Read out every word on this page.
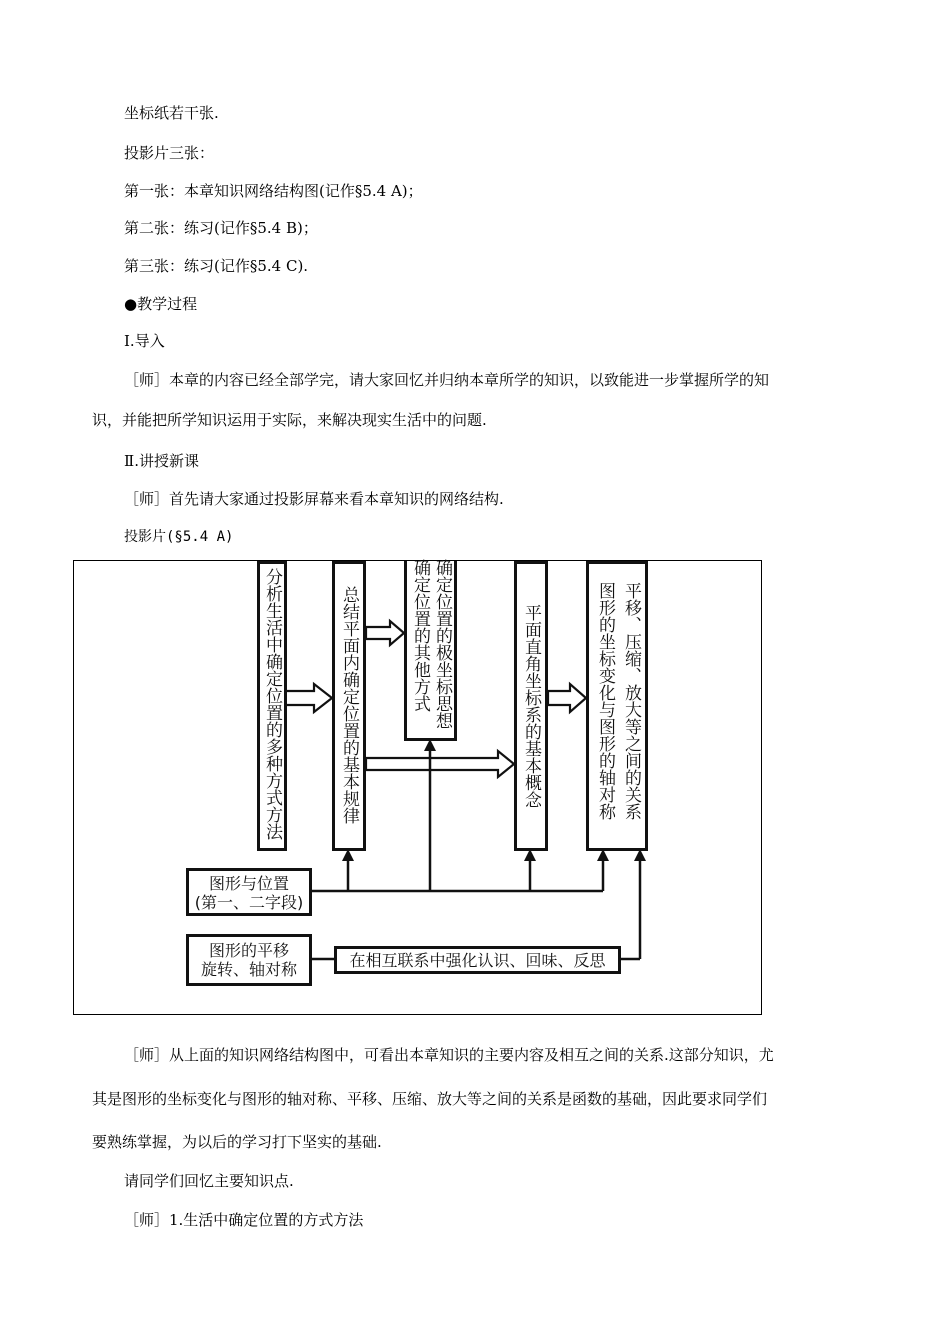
坐标纸若干张.
投影片三张：
第一张：本章知识网络结构图(记作§5.4 A)；
第二张：练习(记作§5.4 B)；
第三张：练习(记作§5.4 C).
●教学过程
Ⅰ.导入
［师］本章的内容已经全部学完，请大家回忆并归纳本章所学的知识，以致能进一步掌握所学的知
识，并能把所学知识运用于实际，来解决现实生活中的问题.
Ⅱ.讲授新课
［师］首先请大家通过投影屏幕来看本章知识的网络结构.
投影片(§5.4 A)
分析生活中确定位置的多种方式方法	总结平面内确定位置的基本规律	确定位置的极坐标思想
确定位置的其他方式	平面直角坐标系的基本概念	平移、压缩、放大等之间的关系
图形的坐标变化与图形的轴对称
图形与位置
(第一、二字段)
图形的平移
旋转、轴对称	在相互联系中强化认识、回味、反思
［师］从上面的知识网络结构图中，可看出本章知识的主要内容及相互之间的关系.这部分知识，尤
其是图形的坐标变化与图形的轴对称、平移、压缩、放大等之间的关系是函数的基础，因此要求同学们
要熟练掌握，为以后的学习打下坚实的基础.
请同学们回忆主要知识点.
［师］1.生活中确定位置的方式方法
